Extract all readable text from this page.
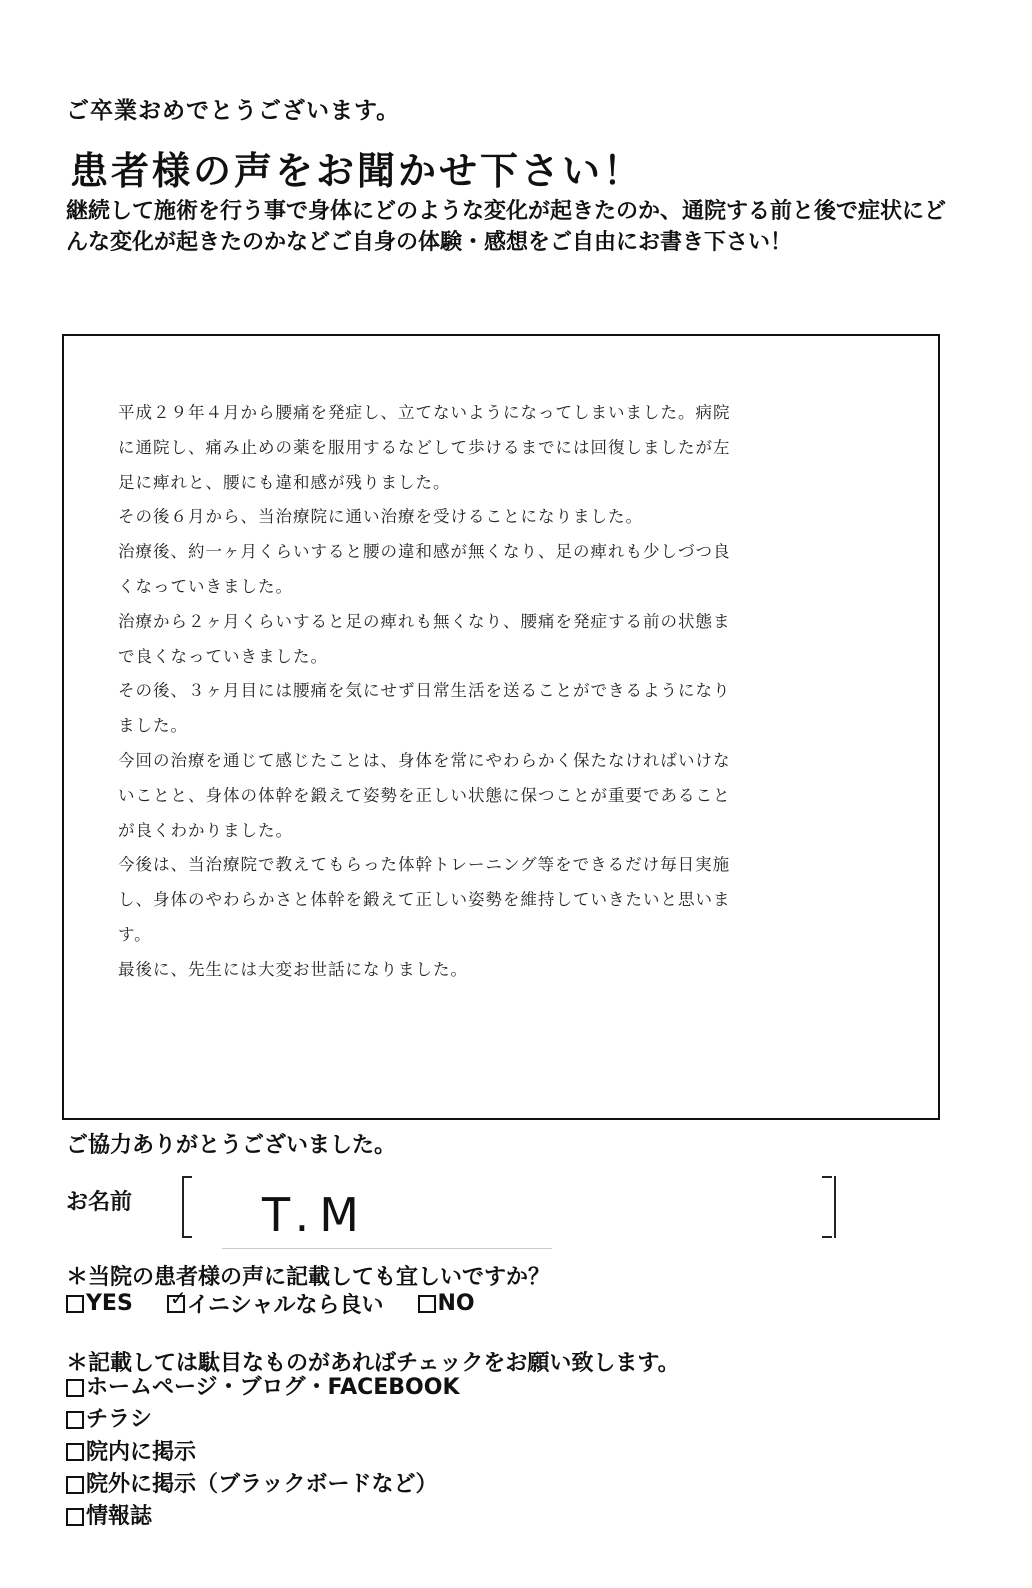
ご卒業おめでとうございます。
患者様の声をお聞かせ下さい！
継続して施術を行う事で身体にどのような変化が起きたのか、通院する前と後で症状にどんな変化が起きたのかなどご自身の体験・感想をご自由にお書き下さい！

平成２９年４月から腰痛を発症し、立てないようになってしまいました。病院

に通院し、痛み止めの薬を服用するなどして歩けるまでには回復しましたが左

足に痺れと、腰にも違和感が残りました。

その後６月から、当治療院に通い治療を受けることになりました。

治療後、約一ヶ月くらいすると腰の違和感が無くなり、足の痺れも少しづつ良

くなっていきました。

治療から２ヶ月くらいすると足の痺れも無くなり、腰痛を発症する前の状態ま

で良くなっていきました。

その後、３ヶ月目には腰痛を気にせず日常生活を送ることができるようになり

ました。

今回の治療を通じて感じたことは、身体を常にやわらかく保たなければいけな

いことと、身体の体幹を鍛えて姿勢を正しい状態に保つことが重要であること

が良くわかりました。

今後は、当治療院で教えてもらった体幹トレーニング等をできるだけ毎日実施

し、身体のやわらかさと体幹を鍛えて正しい姿勢を維持していきたいと思いま

す。

最後に、先生には大変お世話になりました。

ご協力ありがとうございました。
お名前	T.M
＊当院の患者様の声に記載しても宜しいですか？
YES ✓ イニシャルなら良い NO
＊記載しては駄目なものがあればチェックをお願い致します。
ホームページ・ブログ・FACEBOOK
チラシ
院内に掲示
院外に掲示（ブラックボードなど）
情報誌
